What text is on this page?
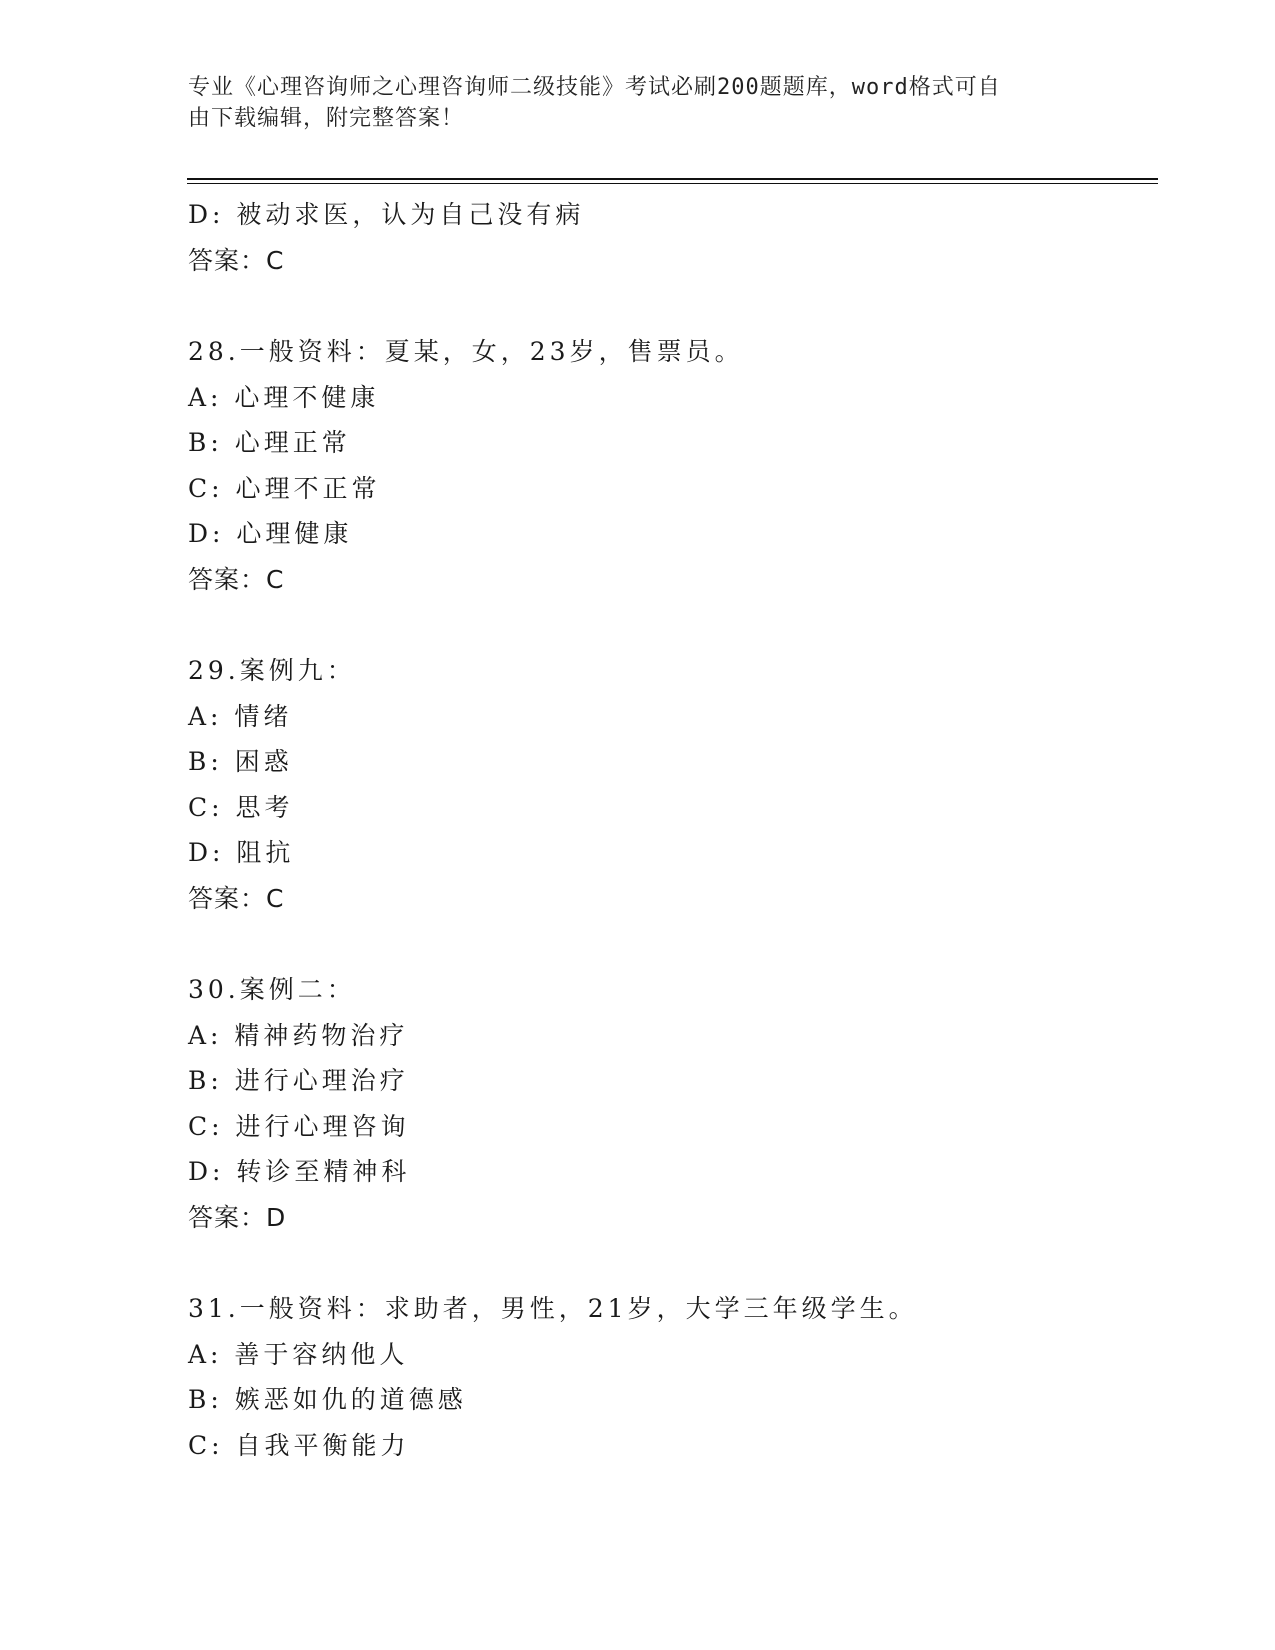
专业《心理咨询师之心理咨询师二级技能》考试必刷200题题库，word格式可自
由下载编辑，附完整答案！
D: 被动求医，认为自己没有病
答案：C
28.一般资料：夏某，女，23岁，售票员。
A: 心理不健康
B: 心理正常
C: 心理不正常
D: 心理健康
答案：C
29.案例九：
A: 情绪
B: 困惑
C: 思考
D: 阻抗
答案：C
30.案例二：
A: 精神药物治疗
B: 进行心理治疗
C: 进行心理咨询
D: 转诊至精神科
答案：D
31.一般资料：求助者，男性，21岁，大学三年级学生。
A: 善于容纳他人
B: 嫉恶如仇的道德感
C: 自我平衡能力
